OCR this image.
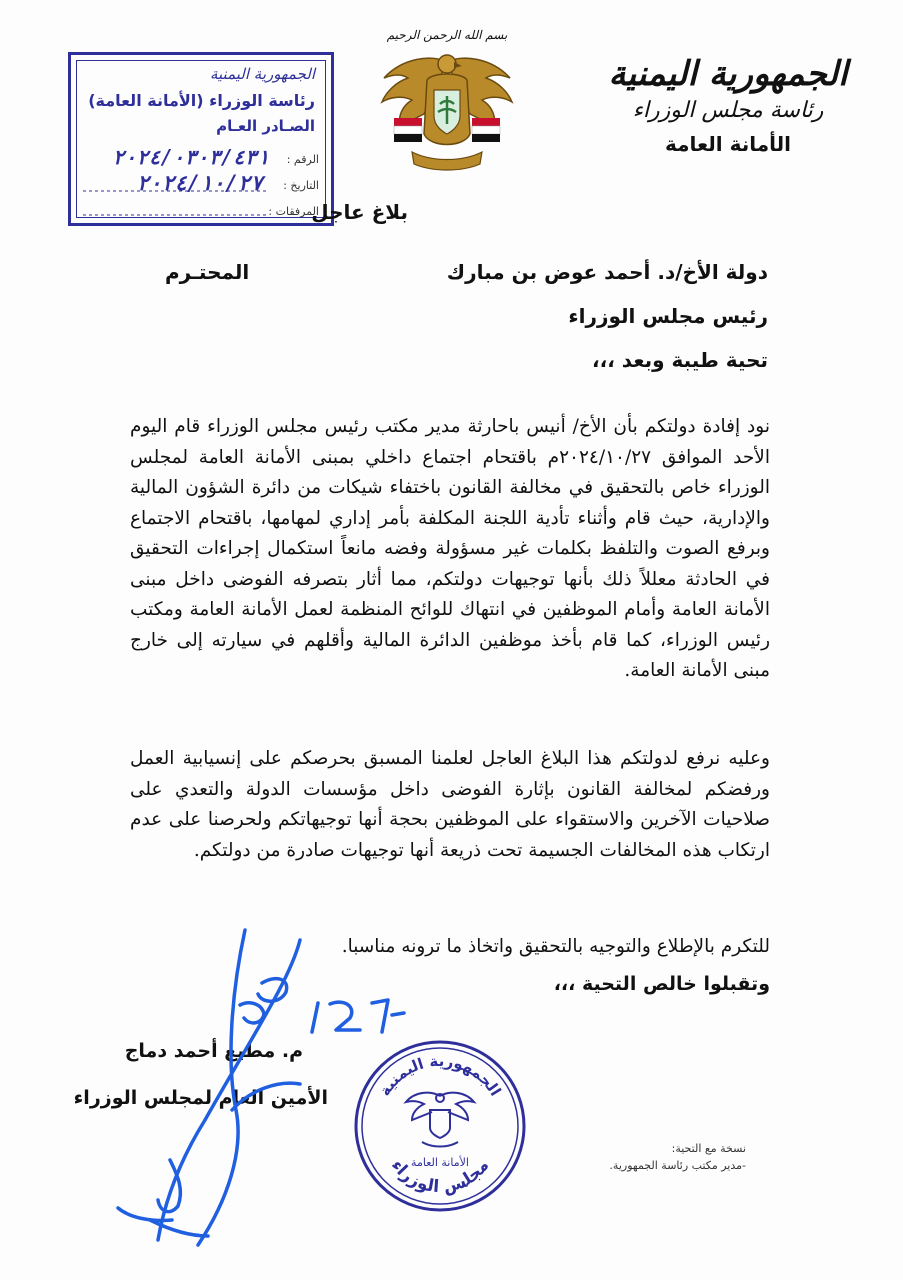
الجمهورية اليمنية
رئاسة مجلس الوزراء
الأمانة العامة
بسم الله الرحمن الرحيم
الجمهورية اليمنية
رئاسة الوزراء (الأمانة العامة)
الصـادر العـام
الرقم :
٢٠٢٤/٠٣٠٣/٤٣١
التاريخ :
٢٠٢٤/١٠/٢٧
المرفقات :
بلاغ عاجل
دولة الأخ/د. أحمد عوض بن مبارك
المحتـرم
رئيس مجلس الوزراء
تحية طيبة وبعد ،،،
نود إفادة دولتكم بأن الأخ/ أنيس باحارثة مدير مكتب رئيس مجلس الوزراء قام اليوم الأحد الموافق ٢٠٢٤/١٠/٢٧م باقتحام اجتماع داخلي بمبنى الأمانة العامة لمجلس الوزراء خاص بالتحقيق في مخالفة القانون باختفاء شيكات من دائرة الشؤون المالية والإدارية، حيث قام وأثناء تأدية اللجنة المكلفة بأمر إداري لمهامها، باقتحام الاجتماع وبرفع الصوت والتلفظ بكلمات غير مسؤولة وفضه مانعاً استكمال إجراءات التحقيق في الحادثة معللاً ذلك بأنها توجيهات دولتكم، مما أثار بتصرفه الفوضى داخل مبنى الأمانة العامة وأمام الموظفين في انتهاك للوائح المنظمة لعمل الأمانة العامة ومكتب رئيس الوزراء، كما قام بأخذ موظفين الدائرة المالية وأقلهم في سيارته إلى خارج مبنى الأمانة العامة.
وعليه نرفع لدولتكم هذا البلاغ العاجل لعلمنا المسبق بحرصكم على إنسيابية العمل ورفضكم لمخالفة القانون بإثارة الفوضى داخل مؤسسات الدولة والتعدي على صلاحيات الآخرين والاستقواء على الموظفين بحجة أنها توجيهاتكم ولحرصنا على عدم ارتكاب هذه المخالفات الجسيمة تحت ذريعة أنها توجيهات صادرة من دولتكم.
للتكرم بالإطلاع والتوجيه بالتحقيق واتخاذ ما ترونه مناسبا.
وتقبلوا خالص التحية ،،،
م. مطيع أحمد دماج
الأمين العام لمجلس الوزراء
نسخة مع التحية:
-مدير مكتب رئاسة الجمهورية.
الجمهورية اليمنية
مجلس الوزراء
الأمانة العامة
